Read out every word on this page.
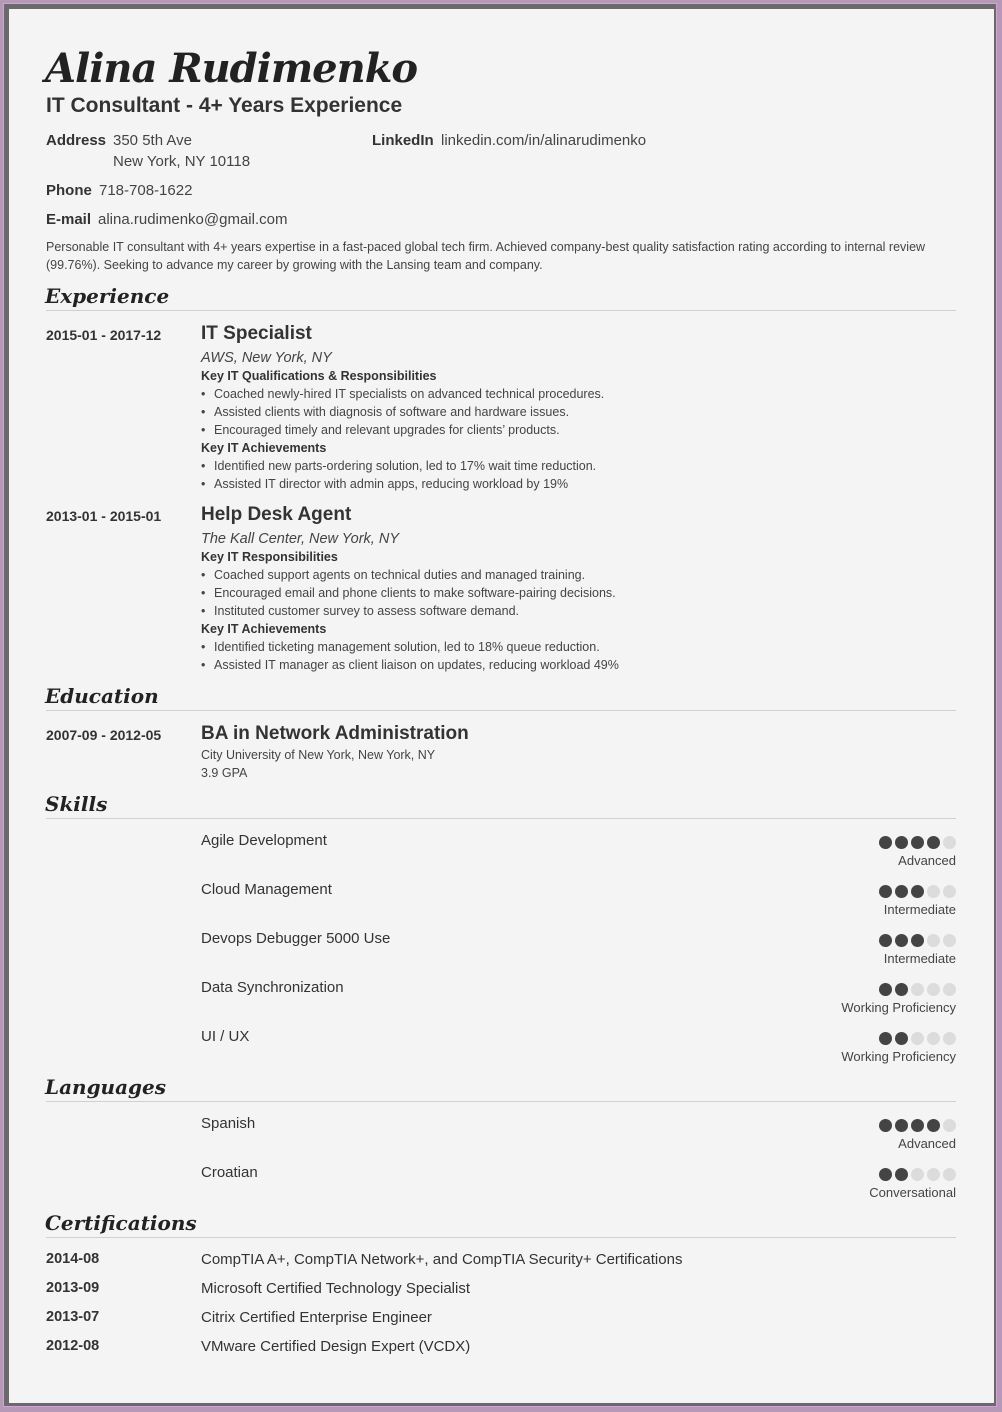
Alina Rudimenko
IT Consultant - 4+ Years Experience
Address 350 5th Ave
New York, NY 10118
LinkedIn linkedin.com/in/alinarudimenko
Phone 718-708-1622
E-mail alina.rudimenko@gmail.com
Personable IT consultant with 4+ years expertise in a fast-paced global tech firm. Achieved company-best quality satisfaction rating according to internal review (99.76%). Seeking to advance my career by growing with the Lansing team and company.
Experience
2015-01 - 2017-12 IT Specialist
AWS, New York, NY
Key IT Qualifications & Responsibilities
• Coached newly-hired IT specialists on advanced technical procedures.
• Assisted clients with diagnosis of software and hardware issues.
• Encouraged timely and relevant upgrades for clients’ products.
Key IT Achievements
• Identified new parts-ordering solution, led to 17% wait time reduction.
• Assisted IT director with admin apps, reducing workload by 19%
2013-01 - 2015-01 Help Desk Agent
The Kall Center, New York, NY
Key IT Responsibilities
• Coached support agents on technical duties and managed training.
• Encouraged email and phone clients to make software-pairing decisions.
• Instituted customer survey to assess software demand.
Key IT Achievements
• Identified ticketing management solution, led to 18% queue reduction.
• Assisted IT manager as client liaison on updates, reducing workload 49%
Education
2007-09 - 2012-05 BA in Network Administration
City University of New York, New York, NY
3.9 GPA
Skills
Agile Development
Advanced
Cloud Management
Intermediate
Devops Debugger 5000 Use
Intermediate
Data Synchronization
Working Proficiency
UI / UX
Working Proficiency
Languages
Spanish
Advanced
Croatian
Conversational
Certifications
2014-08	CompTIA A+, CompTIA Network+, and CompTIA Security+ Certifications
2013-09	Microsoft Certified Technology Specialist
2013-07	Citrix Certified Enterprise Engineer
2012-08	VMware Certified Design Expert (VCDX)
